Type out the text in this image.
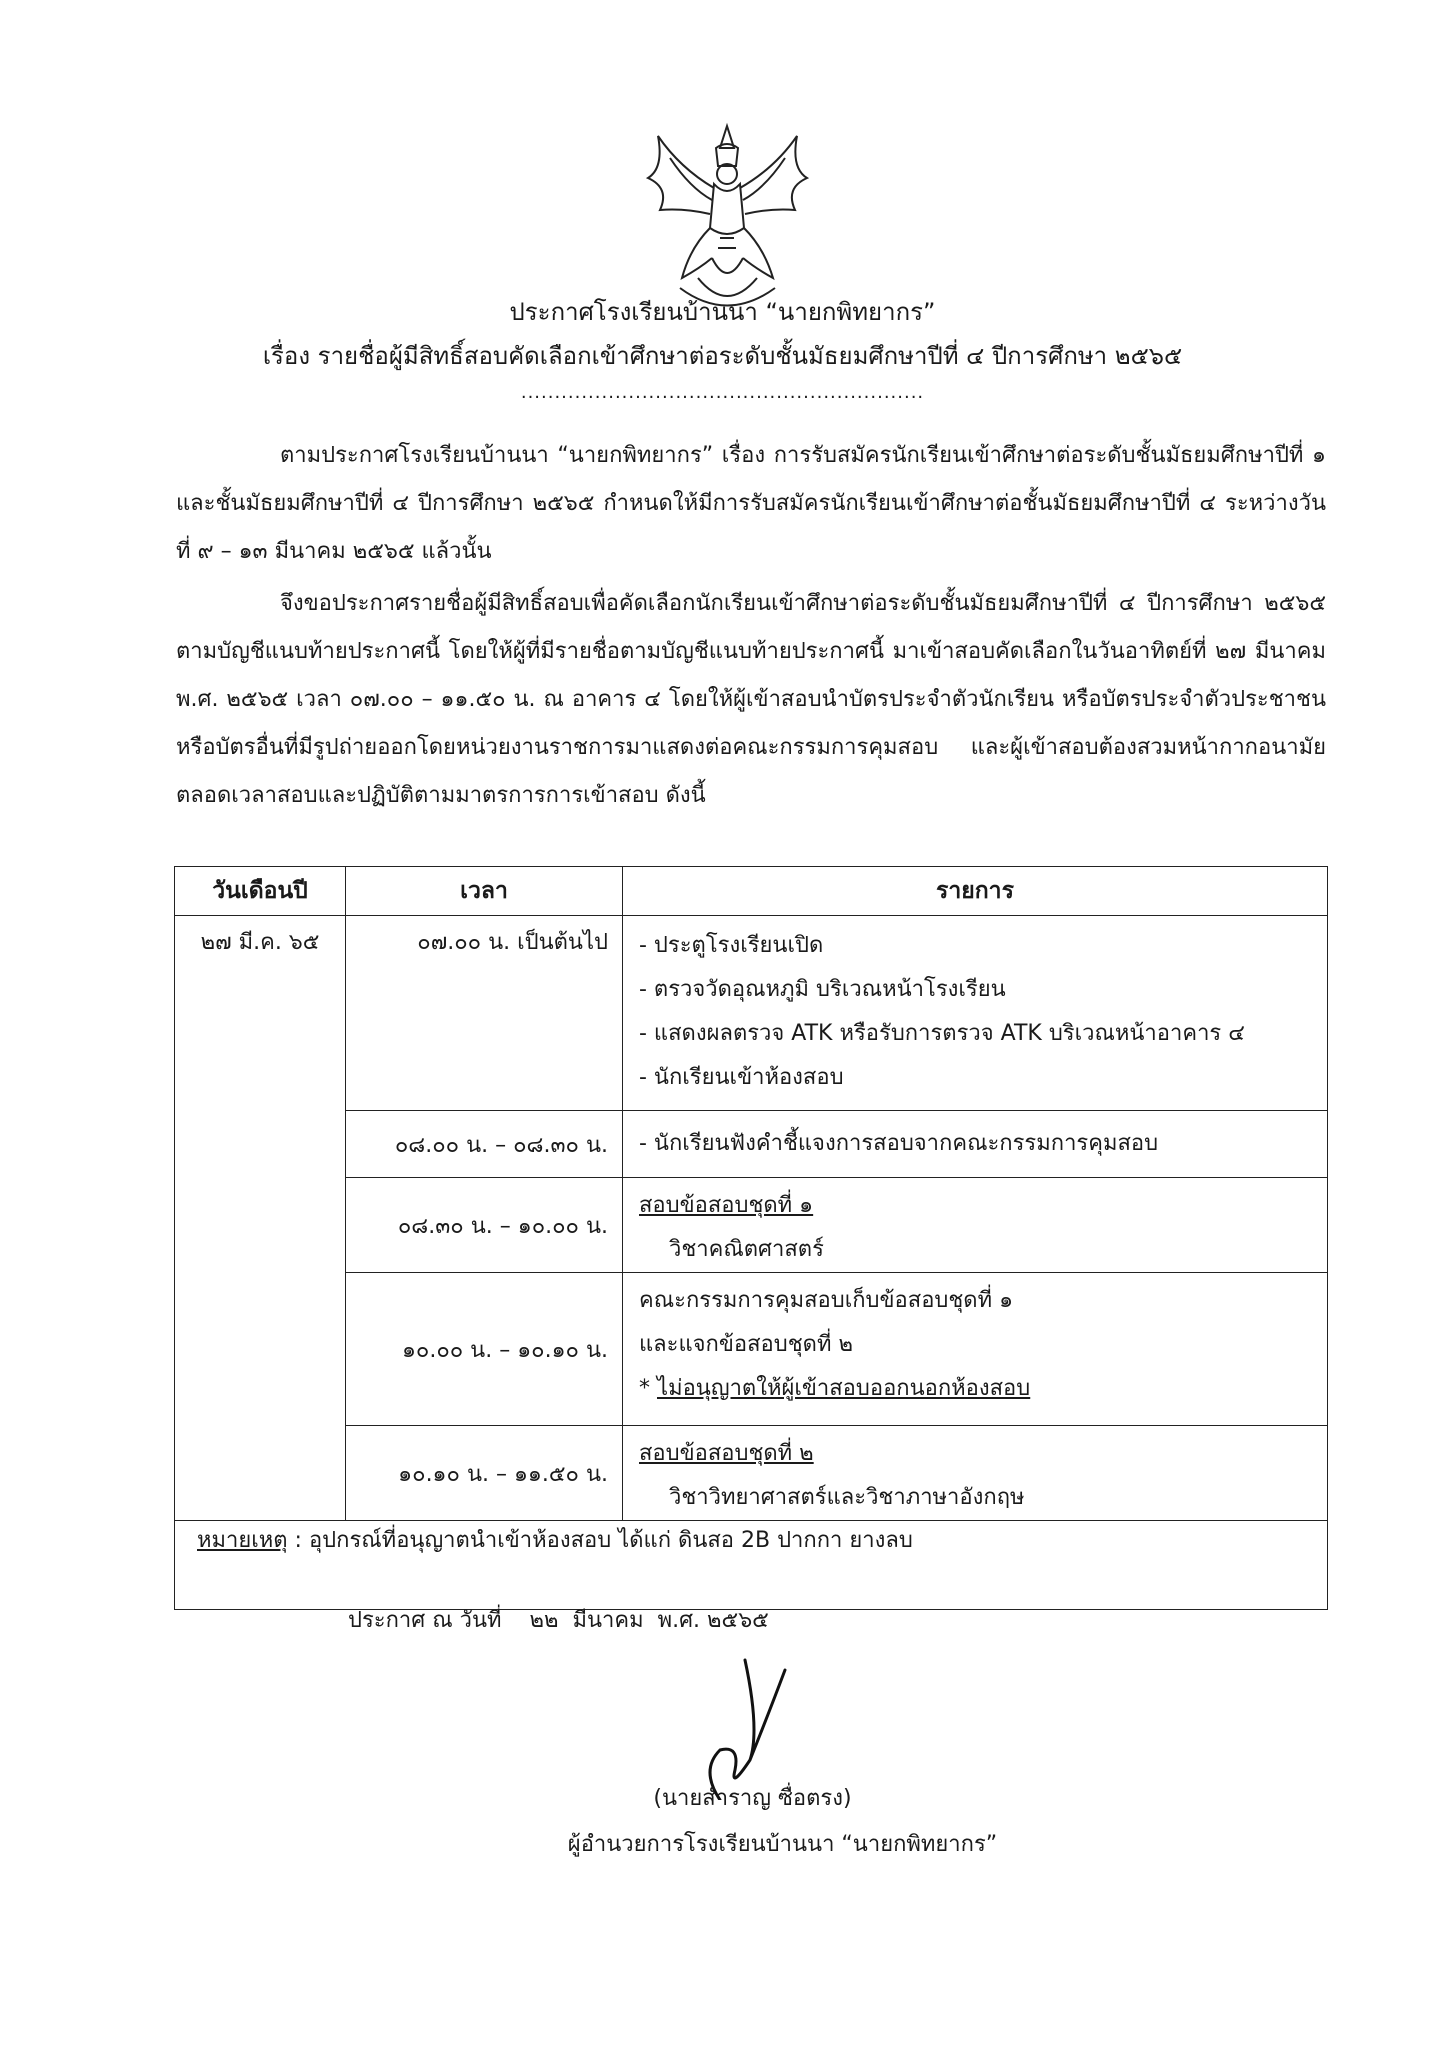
ประกาศโรงเรียนบ้านนา “นายกพิทยากร”
เรื่อง รายชื่อผู้มีสิทธิ์สอบคัดเลือกเข้าศึกษาต่อระดับชั้นมัธยมศึกษาปีที่ ๔ ปีการศึกษา ๒๕๖๕
............................................................
ตามประกาศโรงเรียนบ้านนา “นายกพิทยากร” เรื่อง การรับสมัครนักเรียนเข้าศึกษาต่อระดับชั้นมัธยมศึกษาปีที่ ๑ และชั้นมัธยมศึกษาปีที่ ๔ ปีการศึกษา ๒๕๖๕ กำหนดให้มีการรับสมัครนักเรียนเข้าศึกษาต่อชั้นมัธยมศึกษาปีที่ ๔ ระหว่างวันที่ ๙ – ๑๓ มีนาคม ๒๕๖๕ แล้วนั้น
จึงขอประกาศรายชื่อผู้มีสิทธิ์สอบเพื่อคัดเลือกนักเรียนเข้าศึกษาต่อระดับชั้นมัธยมศึกษาปีที่ ๔ ปีการศึกษา ๒๕๖๕ ตามบัญชีแนบท้ายประกาศนี้ โดยให้ผู้ที่มีรายชื่อตามบัญชีแนบท้ายประกาศนี้ มาเข้าสอบคัดเลือกในวันอาทิตย์ที่ ๒๗ มีนาคม พ.ศ. ๒๕๖๕ เวลา ๐๗.๐๐ – ๑๑.๕๐ น. ณ อาคาร ๔ โดยให้ผู้เข้าสอบนำบัตรประจำตัวนักเรียน หรือบัตรประจำตัวประชาชน หรือบัตรอื่นที่มีรูปถ่ายออกโดยหน่วยงานราชการมาแสดงต่อคณะกรรมการคุมสอบ และผู้เข้าสอบต้องสวมหน้ากากอนามัยตลอดเวลาสอบและปฏิบัติตามมาตรการการเข้าสอบ ดังนี้
วันเดือนปี	เวลา	รายการ
๒๗ มี.ค. ๖๕	๐๗.๐๐ น. เป็นต้นไป	- ประตูโรงเรียนเปิด
- ตรวจวัดอุณหภูมิ บริเวณหน้าโรงเรียน
- แสดงผลตรวจ ATK หรือรับการตรวจ ATK บริเวณหน้าอาคาร ๔
- นักเรียนเข้าห้องสอบ

	๐๘.๐๐ น. – ๐๘.๓๐ น.	- นักเรียนฟังคำชี้แจงการสอบจากคณะกรรมการคุมสอบ

	๐๘.๓๐ น. – ๑๐.๐๐ น.	สอบข้อสอบชุดที่ ๑
วิชาคณิตศาสตร์

	๑๐.๐๐ น. – ๑๐.๑๐ น.	คณะกรรมการคุมสอบเก็บข้อสอบชุดที่ ๑
และแจกข้อสอบชุดที่ ๒
* ไม่อนุญาตให้ผู้เข้าสอบออกนอกห้องสอบ

	๑๐.๑๐ น. – ๑๑.๕๐ น.	สอบข้อสอบชุดที่ ๒
วิชาวิทยาศาสตร์และวิชาภาษาอังกฤษ

หมายเหตุ : อุปกรณ์ที่อนุญาตนำเข้าห้องสอบ ได้แก่ ดินสอ 2B ปากกา ยางลบ		
ประกาศ ณ วันที่    ๒๒  มีนาคม  พ.ศ. ๒๕๖๕
(นายสำราญ ซื่อตรง)
ผู้อำนวยการโรงเรียนบ้านนา “นายกพิทยากร”
